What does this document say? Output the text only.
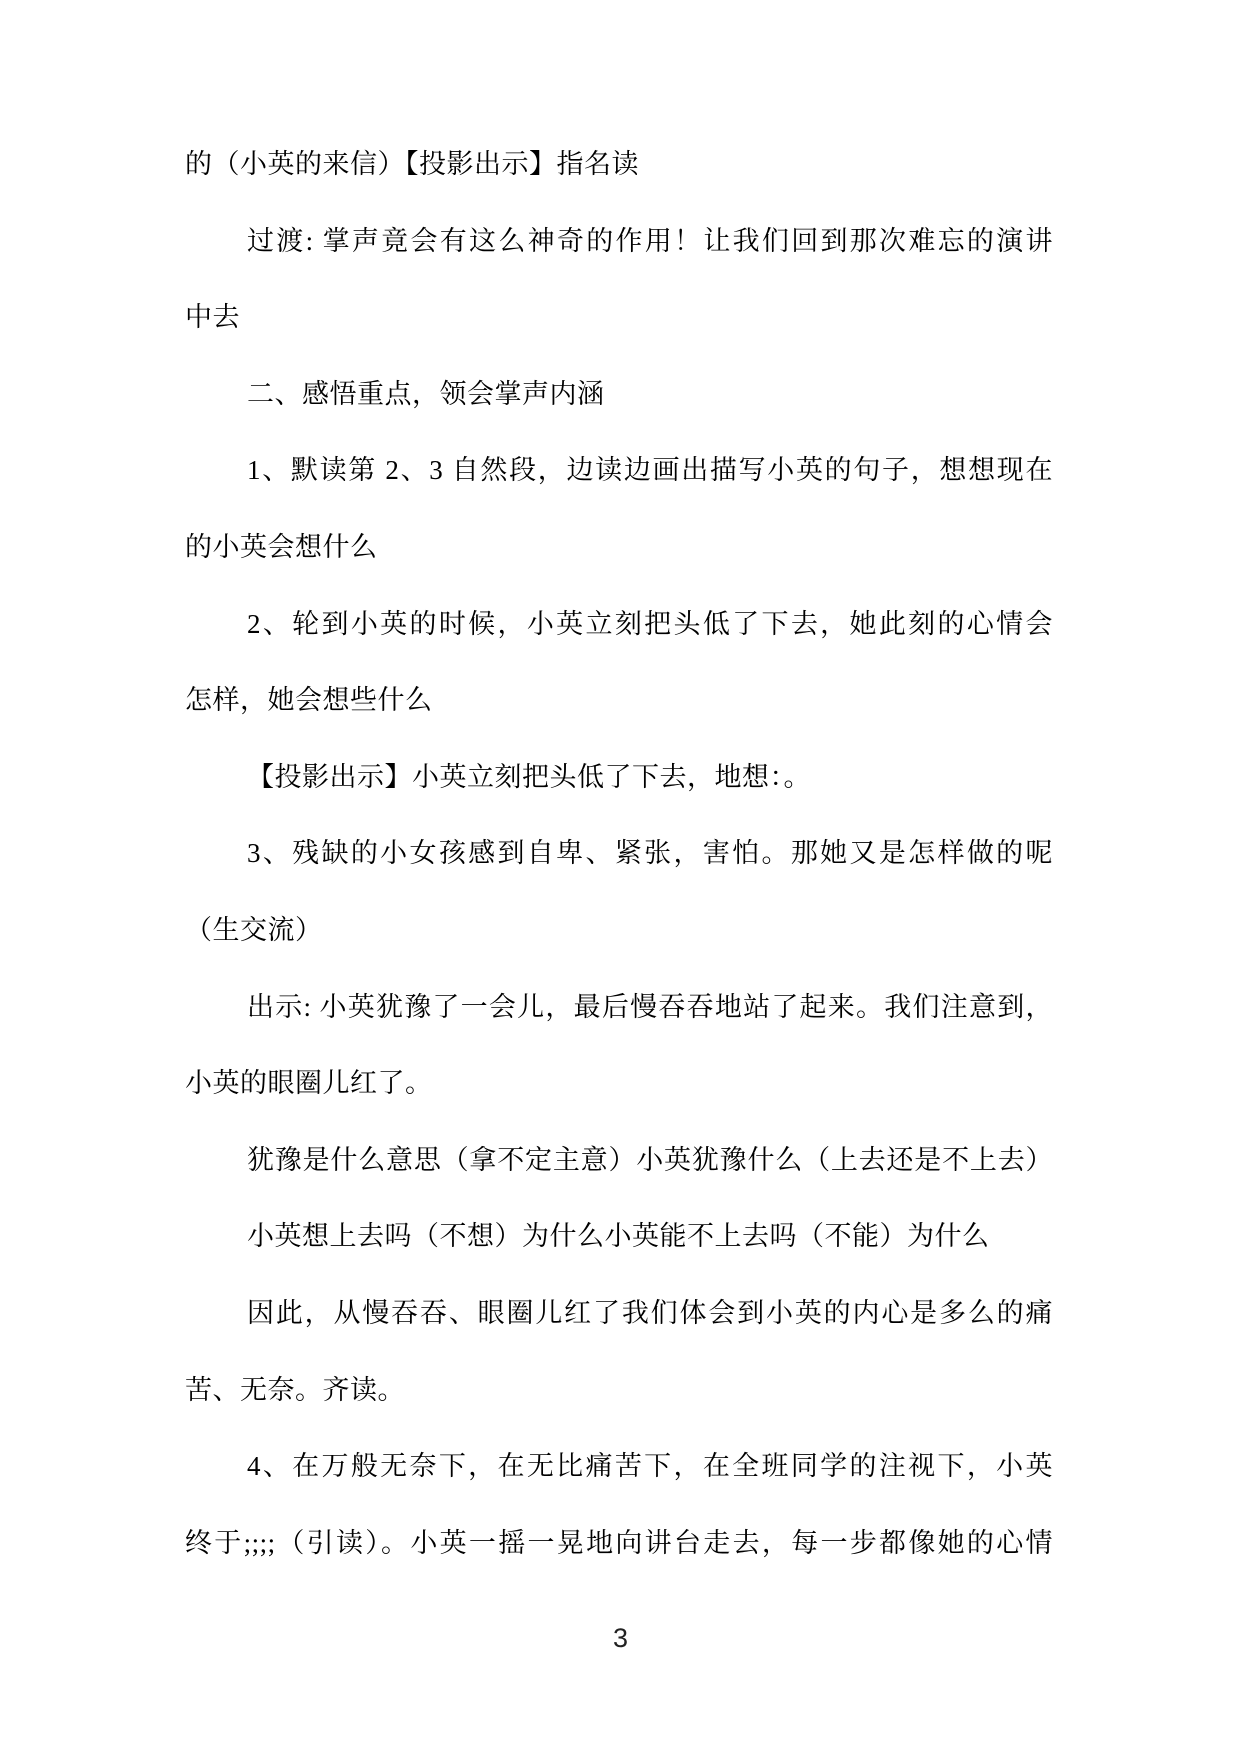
的（小英的来信）【投影出示】指名读
过渡: 掌声竟会有这么神奇的作用！让我们回到那次难忘的演讲
中去
二、感悟重点，领会掌声内涵
1、默读第 2、3 自然段，边读边画出描写小英的句子，想想现在
的小英会想什么
2、轮到小英的时候，小英立刻把头低了下去，她此刻的心情会
怎样，她会想些什么
【投影出示】小英立刻把头低了下去，地想：。
3、残缺的小女孩感到自卑、紧张，害怕。那她又是怎样做的呢
（生交流）
出示: 小英犹豫了一会儿，最后慢吞吞地站了起来。我们注意到，
小英的眼圈儿红了。
犹豫是什么意思（拿不定主意）小英犹豫什么（上去还是不上去）
小英想上去吗（不想）为什么小英能不上去吗（不能）为什么
因此，从慢吞吞、眼圈儿红了我们体会到小英的内心是多么的痛
苦、无奈。齐读。
4、在万般无奈下，在无比痛苦下，在全班同学的注视下，小英
终于;;;;（引读）。小英一摇一晃地向讲台走去，每一步都像她的心情
3
